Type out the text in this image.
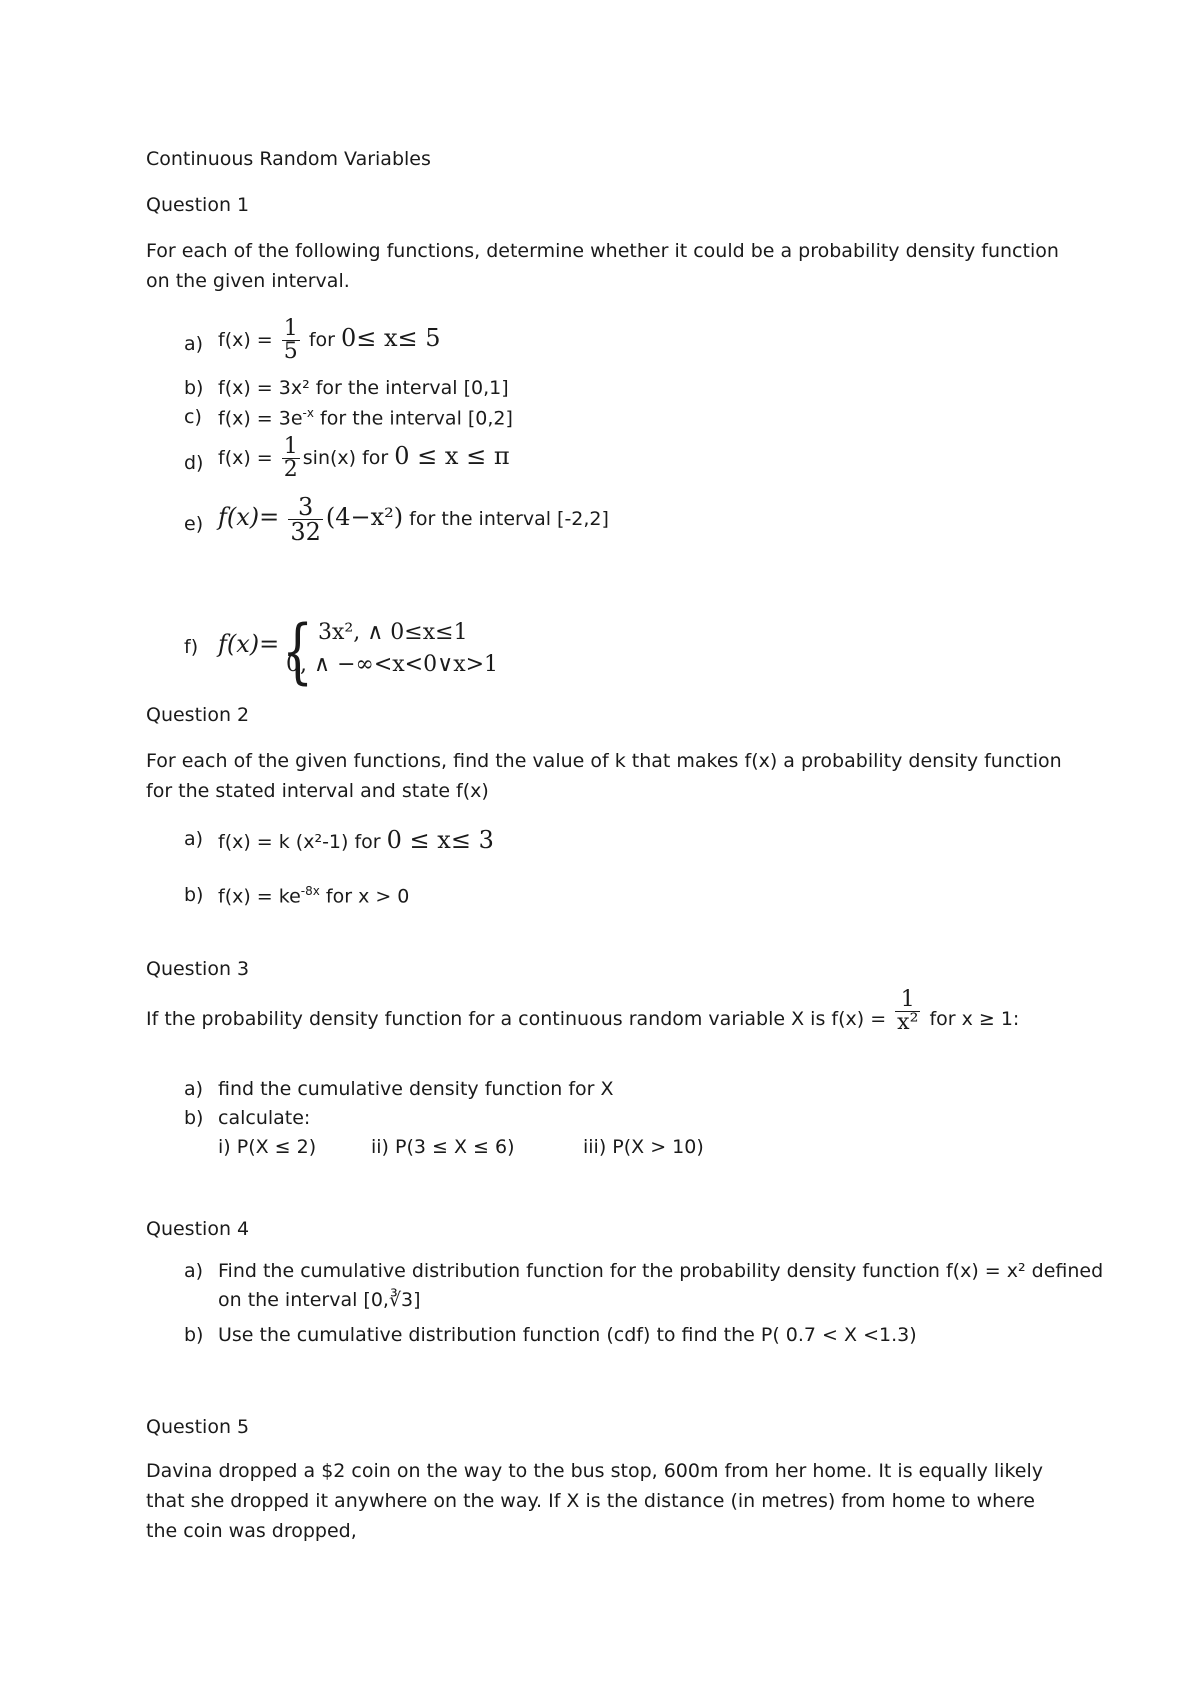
Continuous Random Variables
Question 1
For each of the following functions, determine whether it could be a probability density function on the given interval.
a) $f(x) = \frac{1}{5}$ for 0≤ x≤ 5
b) f(x) = 3x² for the interval [0,1]
c) $f(x) = 3e^{-x}$ for the interval [0,2]
d) $f(x) = \frac{1}{2} \sin(x)$ for 0 ≤ x ≤ π
e) $f(x)= \frac{3}{32} (4-x^2)$ for the interval [-2,2]
f) f(x)= { 3x², ∧ 0≤x≤1
0, ∧ −∞<x<0∨x>1
Question 2
For each of the given functions, find the value of k that makes f(x) a probability density function for the stated interval and state f(x)
a) f(x) = k (x²-1) for 0 ≤ x≤ 3
b) $f(x) = ke^{-8x}$ for x > 0
Question 3
If the probability density function for a continuous random variable X is $f(x) = \frac{1}{\text{x²}}$ for x ≥ 1:
a) find the cumulative density function for X
b) calculate:
i) P(X ≤ 2)	ii) P(3 ≤ X ≤ 6)	iii) P(X > 10)
Question 4
a) Find the cumulative distribution function for the probability density function f(x) = x² defined
on the interval [0,∛3]
b) Use the cumulative distribution function (cdf) to find the P( 0.7 < X <1.3)
Question 5
Davina dropped a $2 coin on the way to the bus stop, 600m from her home. It is equally likely that she dropped it anywhere on the way. If X is the distance (in metres) from home to where the coin was dropped,
